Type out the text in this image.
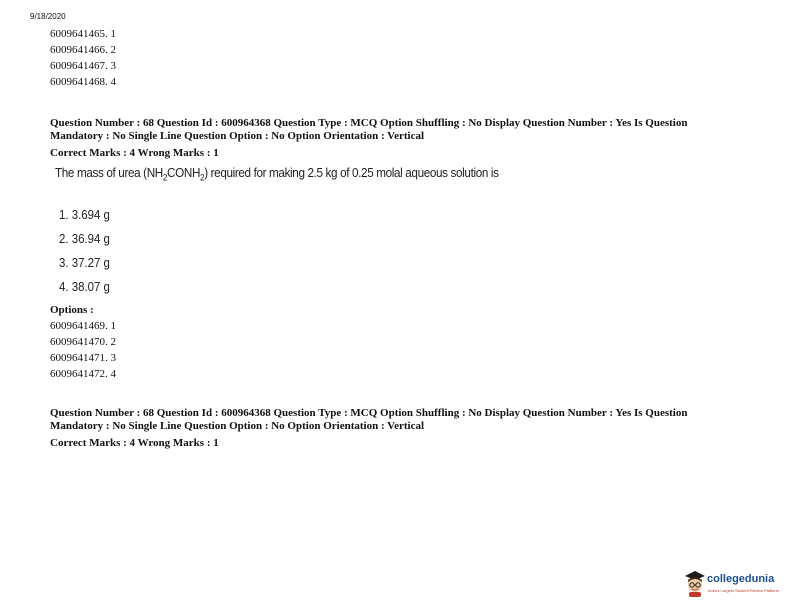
9/18/2020
6009641465. 1
6009641466. 2
6009641467. 3
6009641468. 4
Question Number : 68 Question Id : 600964368 Question Type : MCQ Option Shuffling : No Display Question Number : Yes Is Question
Mandatory : No Single Line Question Option : No Option Orientation : Vertical
Correct Marks : 4 Wrong Marks : 1
The mass of urea $(NH_2CONH_2)$ required for making 2.5 kg of 0.25 molal aqueous solution is
1. 3.694 g
2. 36.94 g
3. 37.27 g
4. 38.07 g
Options :
6009641469. 1
6009641470. 2
6009641471. 3
6009641472. 4
Question Number : 68 Question Id : 600964368 Question Type : MCQ Option Shuffling : No Display Question Number : Yes Is Question
Mandatory : No Single Line Question Option : No Option Orientation : Vertical
Correct Marks : 4 Wrong Marks : 1
collegedunia
India's Largest Student Review Platform
